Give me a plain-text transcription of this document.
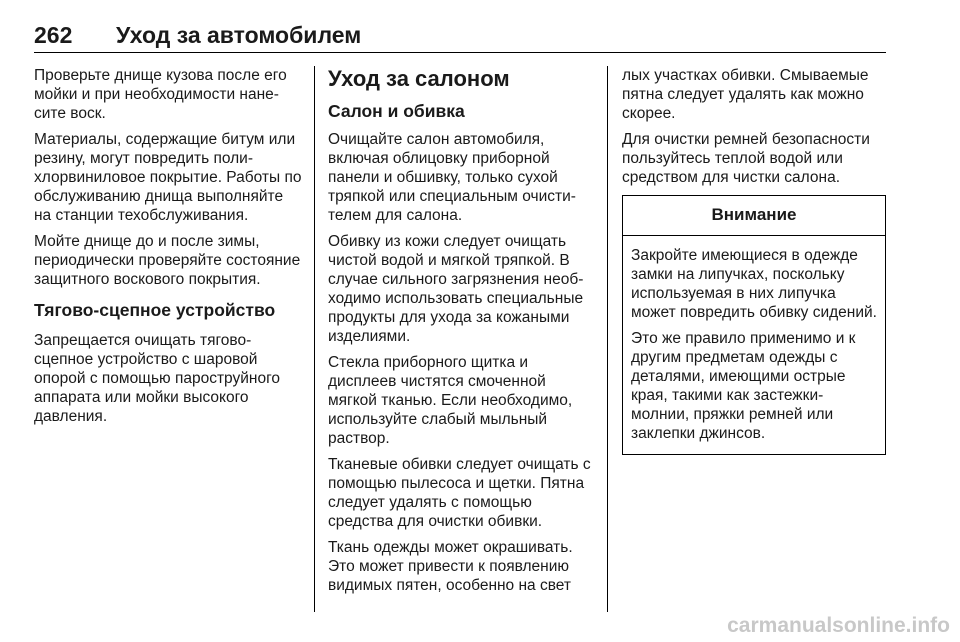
262	Уход за автомобилем

Проверьте днище кузова после его мойки и при необходимости нанесите воск.

Материалы, содержащие битум или резину, могут повредить полихлорвиниловое покрытие. Работы по обслуживанию днища выполняйте на станции техобслуживания.

Мойте днище до и после зимы, периодически проверяйте состояние защитного воскового покрытия.

Тягово-сцепное устройство

Запрещается очищать тяговосцепное устройство с шаровой опорой с помощью пароструйного аппарата или мойки высокого давления.

Уход за салоном
Салон и обивка

Очищайте салон автомобиля, включая облицовку приборной панели и обшивку, только сухой тряпкой или специальным очистителем для салона.

Обивку из кожи следует очищать чистой водой и мягкой тряпкой. В случае сильного загрязнения необходимо использовать специальные продукты для ухода за кожаными изделиями.

Стекла приборного щитка и дисплеев чистятся смоченной мягкой тканью. Если необходимо, используйте слабый мыльный раствор.

Тканевые обивки следует очищать с помощью пылесоса и щетки. Пятна следует удалять с помощью средства для очистки обивки.

Ткань одежды может окрашивать. Это может привести к появлению видимых пятен, особенно на свет

лых участках обивки. Смываемые пятна следует удалять как можно скорее.

Для очистки ремней безопасности пользуйтесь теплой водой или средством для чистки салона.

Внимание

Закройте имеющиеся в одежде замки на липучках, поскольку используемая в них липучка может повредить обивку сидений.

Это же правило применимо и к другим предметам одежды с деталями, имеющими острые края, такими как застежки-молнии, пряжки ремней или заклепки джинсов.

carmanualsonline.info
